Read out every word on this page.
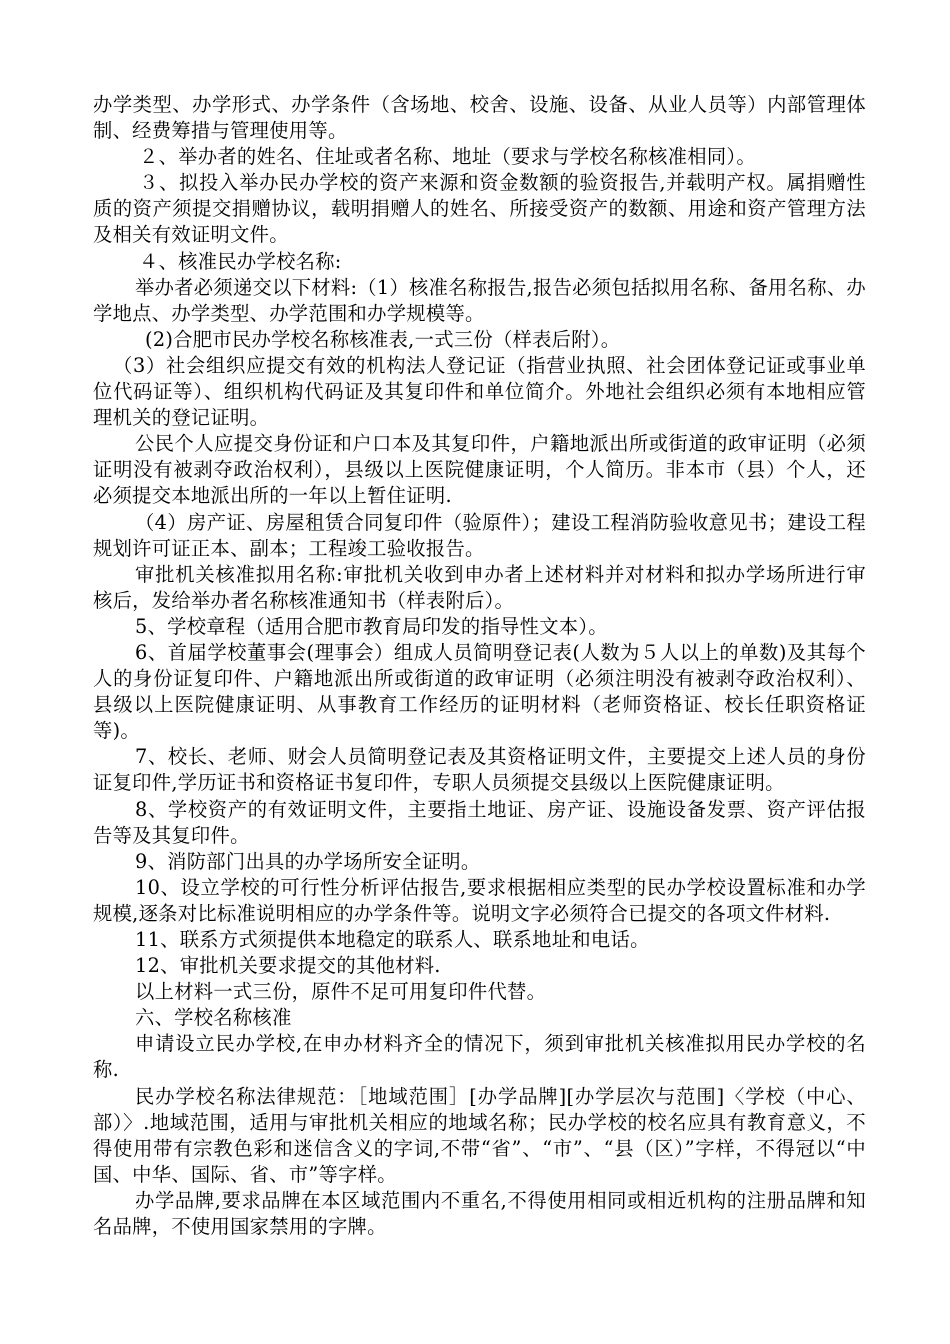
办学类型、办学形式、办学条件（含场地、校舍、设施、设备、从业人员等）内部管理体制、经费筹措与管理使用等。

２、举办者的姓名、住址或者名称、地址（要求与学校名称核准相同）。

３、拟投入举办民办学校的资产来源和资金数额的验资报告,并载明产权。属捐赠性质的资产须提交捐赠协议，载明捐赠人的姓名、所接受资产的数额、用途和资产管理方法及相关有效证明文件。

４、核准民办学校名称:

举办者必须递交以下材料:（1）核准名称报告,报告必须包括拟用名称、备用名称、办学地点、办学类型、办学范围和办学规模等。

(2)合肥市民办学校名称核准表,一式三份（样表后附）。

（3）社会组织应提交有效的机构法人登记证（指营业执照、社会团体登记证或事业单位代码证等）、组织机构代码证及其复印件和单位简介。外地社会组织必须有本地相应管理机关的登记证明。

公民个人应提交身份证和户口本及其复印件，户籍地派出所或街道的政审证明（必须证明没有被剥夺政治权利），县级以上医院健康证明，个人简历。非本市（县）个人，还必须提交本地派出所的一年以上暂住证明.

（4）房产证、房屋租赁合同复印件（验原件）；建设工程消防验收意见书；建设工程规划许可证正本、副本；工程竣工验收报告。

审批机关核准拟用名称:审批机关收到申办者上述材料并对材料和拟办学场所进行审核后，发给举办者名称核准通知书（样表附后）。

5、学校章程（适用合肥市教育局印发的指导性文本）。

6、首届学校董事会(理事会）组成人员简明登记表(人数为５人以上的单数)及其每个人的身份证复印件、户籍地派出所或街道的政审证明（必须注明没有被剥夺政治权利）、县级以上医院健康证明、从事教育工作经历的证明材料（老师资格证、校长任职资格证等)。

7、校长、老师、财会人员简明登记表及其资格证明文件，主要提交上述人员的身份证复印件,学历证书和资格证书复印件，专职人员须提交县级以上医院健康证明。

8、学校资产的有效证明文件，主要指土地证、房产证、设施设备发票、资产评估报告等及其复印件。

9、消防部门出具的办学场所安全证明。

10、设立学校的可行性分析评估报告,要求根据相应类型的民办学校设置标准和办学规模,逐条对比标准说明相应的办学条件等。说明文字必须符合已提交的各项文件材料.

11、联系方式须提供本地稳定的联系人、联系地址和电话。

12、审批机关要求提交的其他材料.

以上材料一式三份，原件不足可用复印件代替。

六、学校名称核准

申请设立民办学校,在申办材料齐全的情况下，须到审批机关核准拟用民办学校的名称.

民办学校名称法律规范：［地域范围］[办学品牌][办学层次与范围]〈学校（中心、部）〉.地域范围，适用与审批机关相应的地域名称；民办学校的校名应具有教育意义，不得使用带有宗教色彩和迷信含义的字词,不带“省”、“市”、“县（区）”字样，不得冠以“中国、中华、国际、省、市”等字样。

办学品牌,要求品牌在本区域范围内不重名,不得使用相同或相近机构的注册品牌和知名品牌，不使用国家禁用的字牌。
